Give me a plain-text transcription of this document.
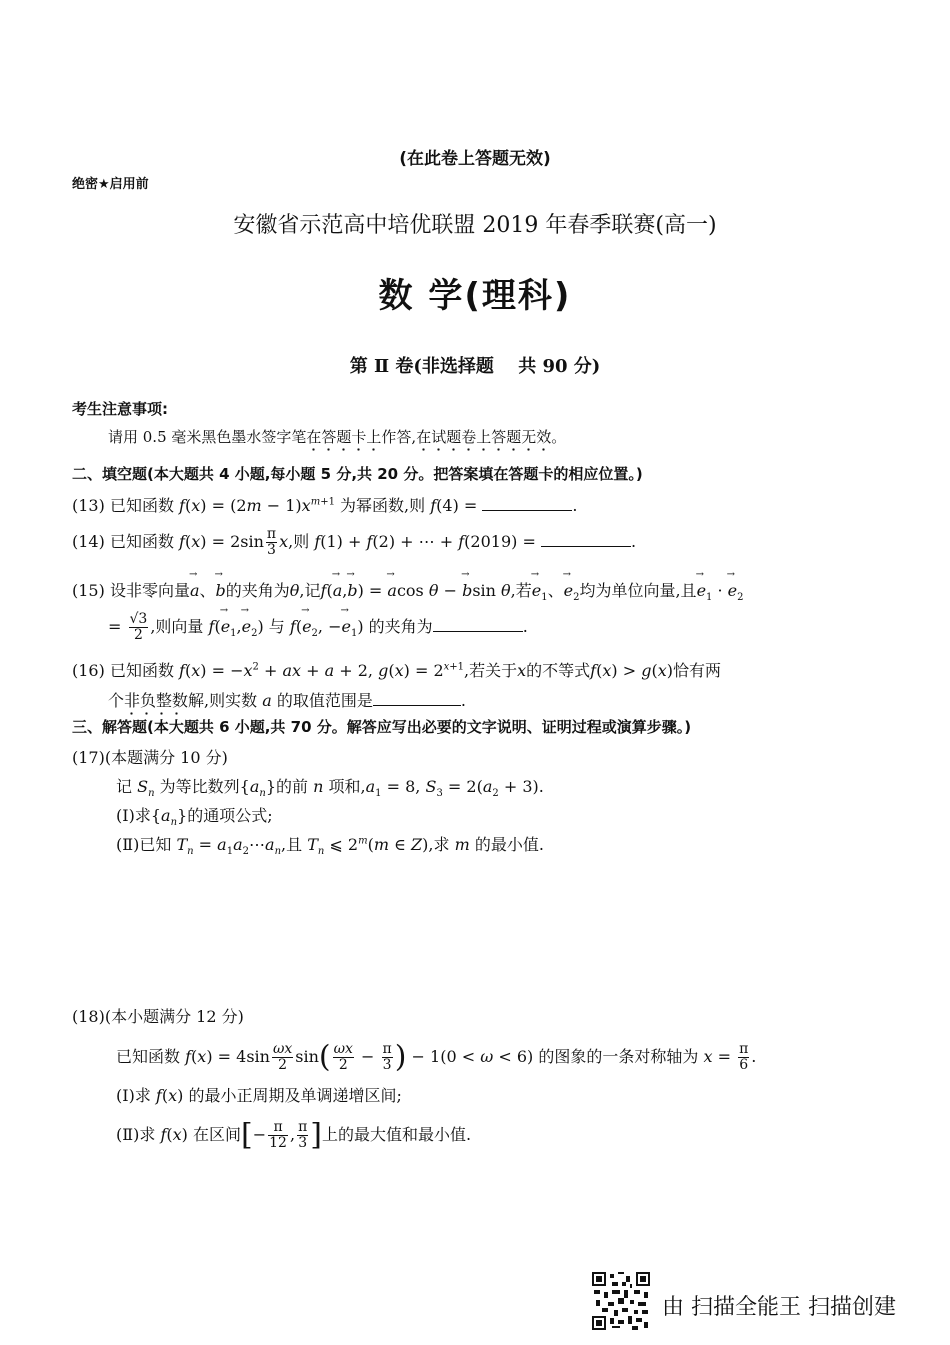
(在此卷上答题无效)
绝密★启用前
安徽省示范高中培优联盟 2019 年春季联赛(高一)
数 学(理科)
第 Ⅱ 卷(非选择题　 共 90 分)
考生注意事项:
请用 0.5 毫米黑色墨水签字笔在答题卡上作答,在试题卷上答题无效。
二、填空题(本大题共 4 小题,每小题 5 分,共 20 分。把答案填在答题卡的相应位置。)
(13) 已知函数 $f(x) = (2m - 1)x^{m+1}$ 为幂函数,则 f(4) =	.
(14) 已知函数 $f(x) = 2\sin \frac{\pi}{3} x$,则 f(1) + f(2) + ⋯ + f(2019) =	.
(15) 设非零向量→ a、→ b的夹角为θ,记f(→ a,→ b) = → acos θ − → bsin θ,若→ $e_1$、→ $e_2$均为单位向量,且→ $e_1$ · → $e_2$
= $\frac{√3}{2}$ ,则向量 $f(\to e_1,\to e_2)$ 与 $f(\to e_2$, −→ $e_1$) 的夹角为	.
(16) 已知函数 $f(x) = -x^2$ + ax + a + 2, $g(x) = 2^{x+1}$,若关于x的不等式f(x) > g(x)恰有两
个非负整数解,则实数 a 的取值范围是	.
三、解答题(本大题共 6 小题,共 70 分。解答应写出必要的文字说明、证明过程或演算步骤。)
(17)(本题满分 10 分)
记 $S_n$ 为等比数列$\{a_n\}$的前 n 项和$,a_1 = 8$, $S_3 = 2(a_2 + 3)$.
(Ⅰ)求$\{a_n\}$的通项公式;
(Ⅱ)已知 $T_n$ = $a_1a_2\cdots a_n$,且 $T_n$ ⩽ 2$^m$(m ∈ Z),求 m 的最小值.
(18)(本小题满分 12 分)
已知函数 $f(x) = 4\sin \frac{\omega x}{2} \sin( \frac{\omega x}{2} - \frac{\pi}{3}$ ) − 1(0 < ω < 6) 的图象的一条对称轴为 $x = \frac{\pi}{6}$ .
(Ⅰ)求 f(x) 的最小正周期及单调递增区间;
(Ⅱ)求 f(x) 在区间[− $\frac{\pi}{12}$ , $\frac{\pi}{3}$ ]上的最大值和最小值.
由 扫描全能王 扫描创建
